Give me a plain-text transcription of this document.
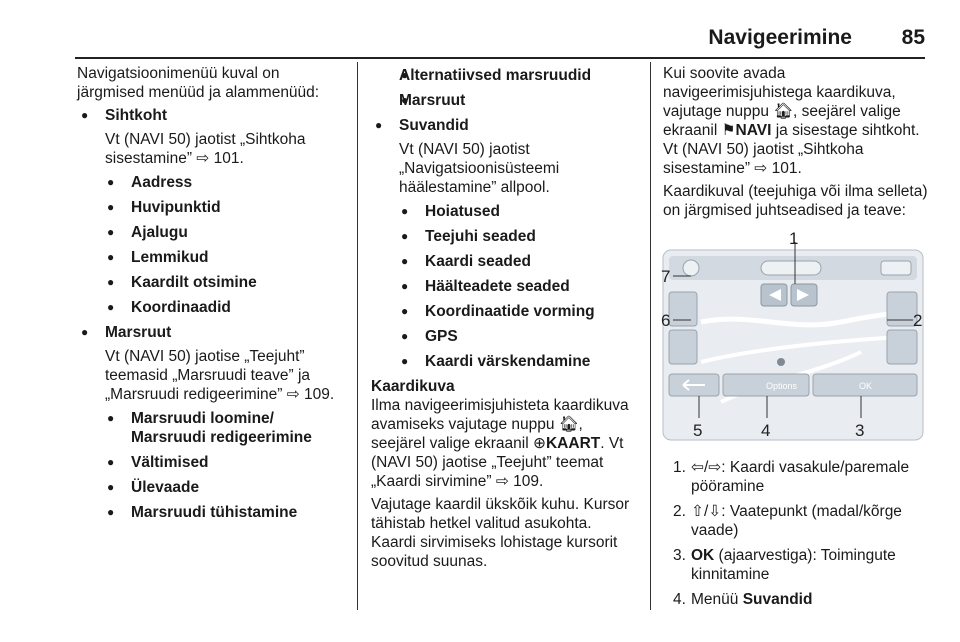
Navigeerimine 85

Navigatsioonimenüü kuval on järgmised menüüd ja alammenüüd:

● Sihtkoht
Vt (NAVI 50) jaotist „Sihtkoha sisestamine” ⇨ 101.
● Aadress
● Huvipunktid
● Ajalugu
● Lemmikud
● Kaardilt otsimine
● Koordinaadid
● Marsruut
Vt (NAVI 50) jaotise „Teejuht” teemasid „Marsruudi teave” ja „Marsruudi redigeerimine” ⇨ 109.
● Marsruudi loomine/ Marsruudi redigeerimine
● Vältimised
● Ülevaade
● Marsruudi tühistamine
● Alternatiivsed marsruudid
● Marsruut
● Suvandid
Vt (NAVI 50) jaotist „Navigatsioonisüsteemi häälestamine” allpool.
● Hoiatused
● Teejuhi seaded
● Kaardi seaded
● Häälteadete seaded
● Koordinaatide vorming
● GPS
● Kaardi värskendamine
Kaardikuva

Ilma navigeerimisjuhisteta kaardikuva avamiseks vajutage nuppu 🏠︎, seejärel valige ekraanil ⊕KAART. Vt (NAVI 50) jaotise „Teejuht” teemat „Kaardi sirvimine” ⇨ 109.

Vajutage kaardil ükskõik kuhu. Kursor tähistab hetkel valitud asukohta. Kaardi sirvimiseks lohistage kursorit soovitud suunas.

Kui soovite avada navigeerimisjuhistega kaardikuva, vajutage nuppu 🏠︎, seejärel valige ekraanil ⚑NAVI ja sisestage sihtkoht. Vt (NAVI 50) jaotist „Sihtkoha sisestamine” ⇨ 101.

Kaardikuval (teejuhiga või ilma selleta) on järgmised juhtseadised ja teave:

Options	OK
1
2
3
4
5
6
7
1. ⇦/⇨: Kaardi vasakule/paremale pööramine
2. ⇧/⇩: Vaatepunkt (madal/kõrge vaade)
3. OK (ajaarvestiga): Toimingute kinnitamine
4. Menüü Suvandid
